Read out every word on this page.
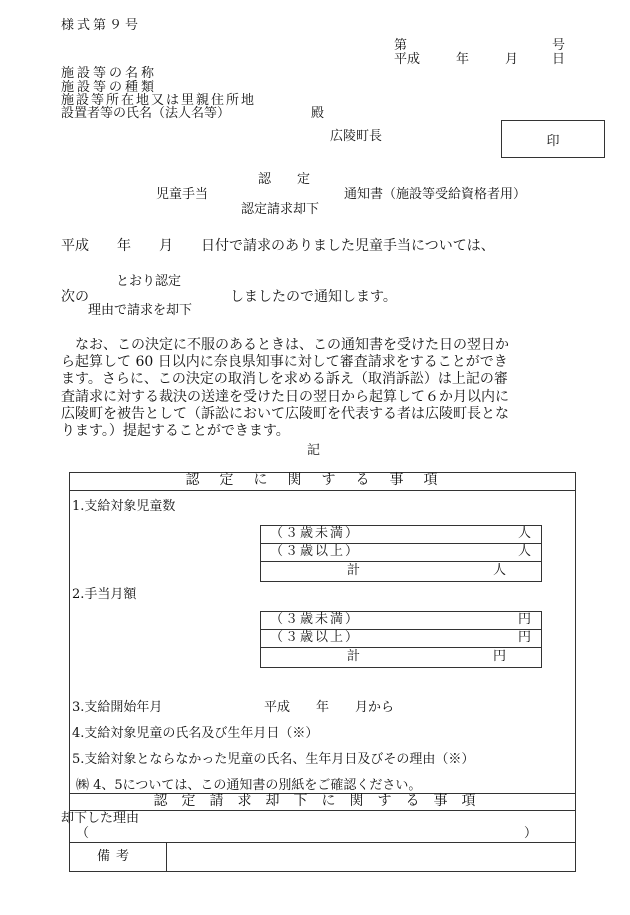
様式第９号
第	号
平成	年	月	日
施設等の名称
施設等の種類
施設等所在地又は里親住所地
設置者等の氏名（法人名等）	殿
広陵町長	印
認　　定
児童手当	通知書（施設等受給資格者用）
認定請求却下
平成　　年　　月　　日付で請求のありました児童手当については、
とおり認定
次の	しましたので通知します。
理由で請求を却下
　なお、この決定に不服のあるときは、この通知書を受けた日の翌日か
ら起算して 60 日以内に奈良県知事に対して審査請求をすることができ
ます。さらに、この決定の取消しを求める訴え（取消訴訟）は上記の審
査請求に対する裁決の送達を受けた日の翌日から起算して６か月以内に
広陵町を被告として（訴訟において広陵町を代表する者は広陵町長とな
ります。）提起することができます。
記
認定に関する事項
1.支給対象児童数
（３歳未満）	人
（３歳以上）	人
計	人
2.手当月額
（３歳未満）	円
（３歳以上）	円
計	円
3.支給開始年月	平成　　年　　月から
4.支給対象児童の氏名及び生年月日（※）
5.支給対象とならなかった児童の氏名、生年月日及びその理由（※）
㈱ 4、5については、この通知書の別紙をご確認ください。
認定請求却下に関する事項
却下した理由
（	）
備考
